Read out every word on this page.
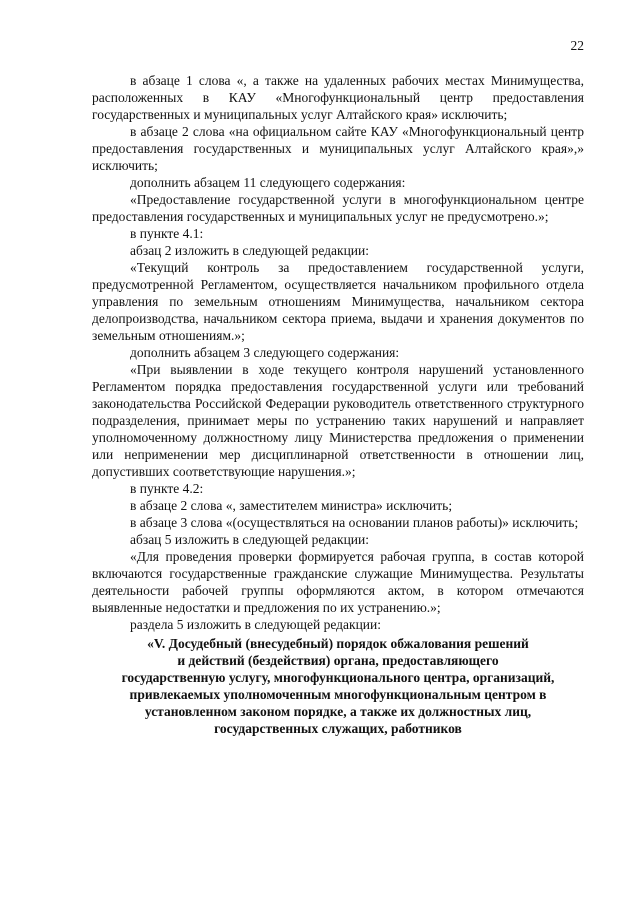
22

в абзаце 1 слова «, а также на удаленных рабочих местах Минимущества, расположенных в КАУ «Многофункциональный центр предоставления государственных и муниципальных услуг Алтайского края» исключить;

в абзаце 2 слова «на официальном сайте КАУ «Многофункциональный центр предоставления государственных и муниципальных услуг Алтайского края»,» исключить;

дополнить абзацем 11 следующего содержания:

«Предоставление государственной услуги в многофункциональном центре предоставления государственных и муниципальных услуг не предусмотрено.»;

в пункте 4.1:

абзац 2 изложить в следующей редакции:

«Текущий контроль за предоставлением государственной услуги, предусмотренной Регламентом, осуществляется начальником профильного отдела управления по земельным отношениям Минимущества, начальником сектора делопроизводства, начальником сектора приема, выдачи и хранения документов по земельным отношениям.»;

дополнить абзацем 3 следующего содержания:

«При выявлении в ходе текущего контроля нарушений установленного Регламентом порядка предоставления государственной услуги или требований законодательства Российской Федерации руководитель ответственного структурного подразделения, принимает меры по устранению таких нарушений и направляет уполномоченному должностному лицу Министерства предложения о применении или неприменении мер дисциплинарной ответственности в отношении лиц, допустивших соответствующие нарушения.»;

в пункте 4.2:

в абзаце 2 слова «, заместителем министра» исключить;

в абзаце 3 слова «(осуществляться на основании планов работы)» исключить;

абзац 5 изложить в следующей редакции:

«Для проведения проверки формируется рабочая группа, в состав которой включаются государственные гражданские служащие Минимущества. Результаты деятельности рабочей группы оформляются актом, в котором отмечаются выявленные недостатки и предложения по их устранению.»;

раздела 5 изложить в следующей редакции:

«V. Досудебный (внесудебный) порядок обжалования решений
и действий (бездействия) органа, предоставляющего
государственную услугу, многофункционального центра, организаций,
привлекаемых уполномоченным многофункциональным центром в
установленном законом порядке, а также их должностных лиц,
государственных служащих, работников
